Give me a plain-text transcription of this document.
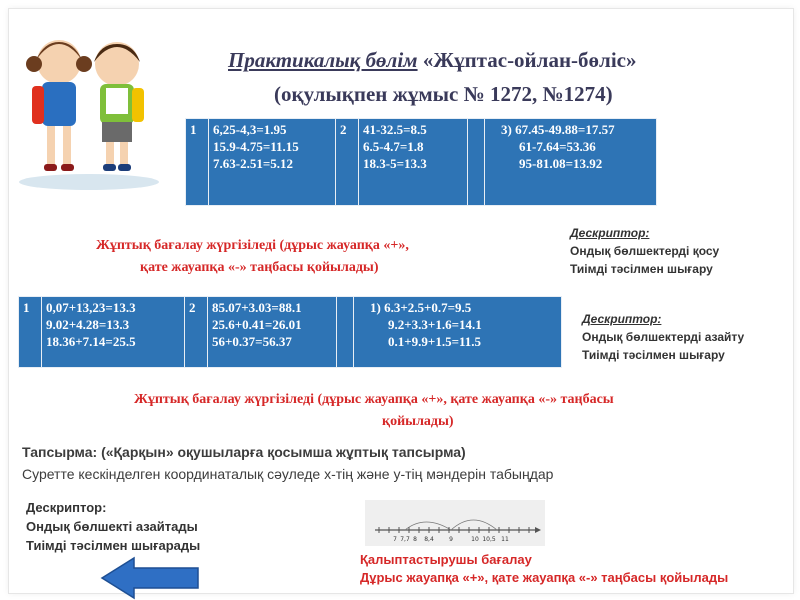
Практикалық бөлім «Жұптас-ойлан-бөліс»
(оқулықпен жұмыс № 1272, №1274)
1	6,25-4,3=1.95
15.9-4.75=11.15
7.63-2.51=5.12
	2	41-32.5=8.5
6.5-4.7=1.8
18.3-5=13.3

3) 67.45-49.88=17.57
61-7.64=53.36
95-81.08=13.92
Жұптық бағалау жүргізіледі (дұрыс жауапқа «+»,
қате жауапқа «-» таңбасы қойылады)
Дескриптор:
Ондық бөлшектерді қосу
Тиімді тәсілмен шығару
1	0,07+13,23=13.3
9.02+4.28=13.3
18.36+7.14=25.5
	2	85.07+3.03=88.1
25.6+0.41=26.01
56+0.37=56.37

1) 6.3+2.5+0.7=9.5
9.2+3.3+1.6=14.1
0.1+9.9+1.5=11.5
Дескриптор:
Ондық бөлшектерді азайту
Тиімді тәсілмен шығару
Жұптық бағалау жүргізіледі (дұрыс жауапқа «+», қате жауапқа «-» таңбасы
қойылады)
Тапсырма: («Қарқын» оқушыларға қосымша жұптық тапсырма)
Суретте кескінделген координаталық сәуледе х-тің және у-тің мәндерін табыңдар
Дескриптор:
Ондық бөлшекті азайтады
Тиімді тәсілмен шығарады	7 7,7 8 8,4	9	10 10,5 11
Қалыптастырушы бағалау
Дұрыс жауапқа «+», қате жауапқа «-» таңбасы қойылады
